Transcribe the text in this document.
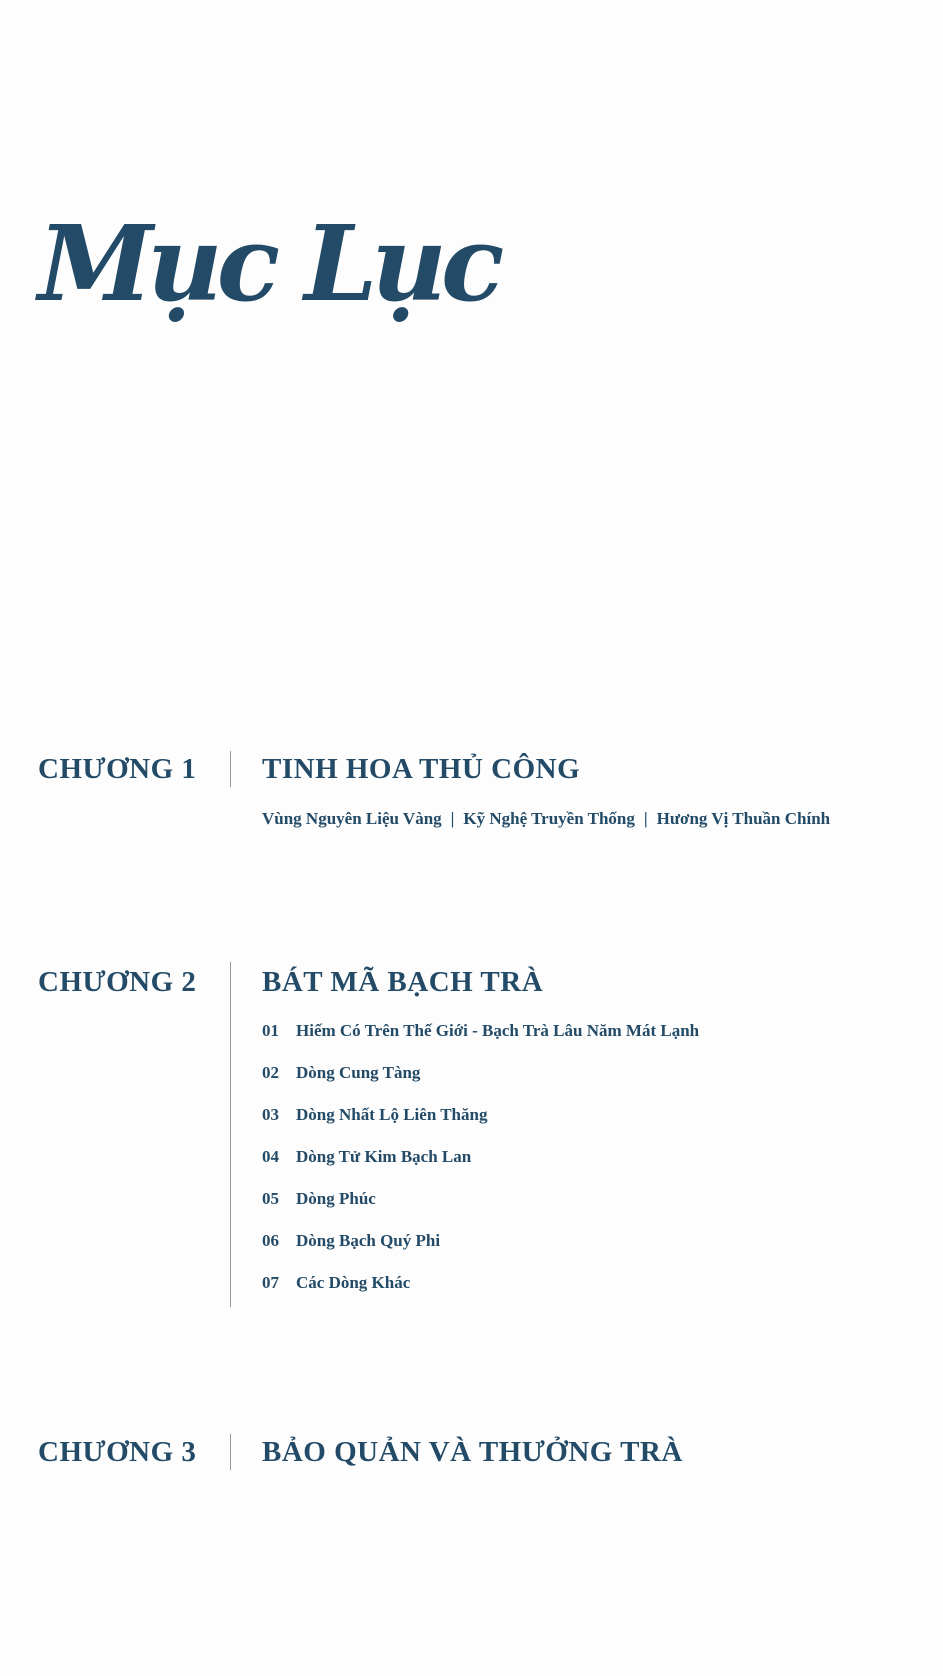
Mục Lục
CHƯƠNG 1 TINH HOA THỦ CÔNG
Vùng Nguyên Liệu Vàng | Kỹ Nghệ Truyền Thống | Hương Vị Thuần Chính
CHƯƠNG 2 BÁT MÃ BẠCH TRÀ
01 Hiếm Có Trên Thế Giới - Bạch Trà Lâu Năm Mát Lạnh
02 Dòng Cung Tàng
03 Dòng Nhất Lộ Liên Thăng
04 Dòng Tử Kim Bạch Lan
05 Dòng Phúc
06 Dòng Bạch Quý Phi
07 Các Dòng Khác
CHƯƠNG 3 BẢO QUẢN VÀ THƯỞNG TRÀ
